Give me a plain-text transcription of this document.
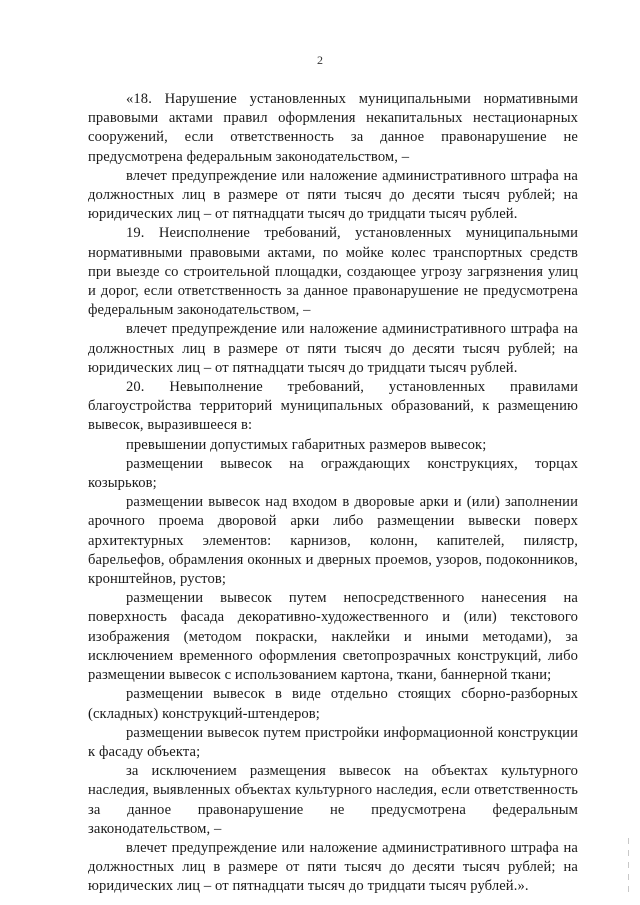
2

«18. Нарушение установленных муниципальными нормативными правовыми актами правил оформления некапитальных нестационарных сооружений, если ответственность за данное правонарушение не предусмотрена федеральным законодательством, –

влечет предупреждение или наложение административного штрафа на должностных лиц в размере от пяти тысяч до десяти тысяч рублей; на юридических лиц – от пятнадцати тысяч до тридцати тысяч рублей.

19. Неисполнение требований, установленных муниципальными нормативными правовыми актами, по мойке колес транспортных средств при выезде со строительной площадки, создающее угрозу загрязнения улиц и дорог, если ответственность за данное правонарушение не предусмотрена федеральным законодательством, –

влечет предупреждение или наложение административного штрафа на должностных лиц в размере от пяти тысяч до десяти тысяч рублей; на юридических лиц – от пятнадцати тысяч до тридцати тысяч рублей.

20. Невыполнение требований, установленных правилами благоустройства территорий муниципальных образований, к размещению вывесок, выразившееся в:

превышении допустимых габаритных размеров вывесок;

размещении вывесок на ограждающих конструкциях, торцах козырьков;

размещении вывесок над входом в дворовые арки и (или) заполнении арочного проема дворовой арки либо размещении вывески поверх архитектурных элементов: карнизов, колонн, капителей, пилястр, барельефов, обрамления оконных и дверных проемов, узоров, подоконников, кронштейнов, рустов;

размещении вывесок путем непосредственного нанесения на поверхность фасада декоративно-художественного и (или) текстового изображения (методом покраски, наклейки и иными методами), за исключением временного оформления светопрозрачных конструкций, либо размещении вывесок с использованием картона, ткани, баннерной ткани;

размещении вывесок в виде отдельно стоящих сборно-разборных (складных) конструкций-штендеров;

размещении вывесок путем пристройки информационной конструкции к фасаду объекта;

за исключением размещения вывесок на объектах культурного наследия, выявленных объектах культурного наследия, если ответственность за данное правонарушение не предусмотрена федеральным законодательством, –

влечет предупреждение или наложение административного штрафа на должностных лиц в размере от пяти тысяч до десяти тысяч рублей; на юридических лиц – от пятнадцати тысяч до тридцати тысяч рублей.».
